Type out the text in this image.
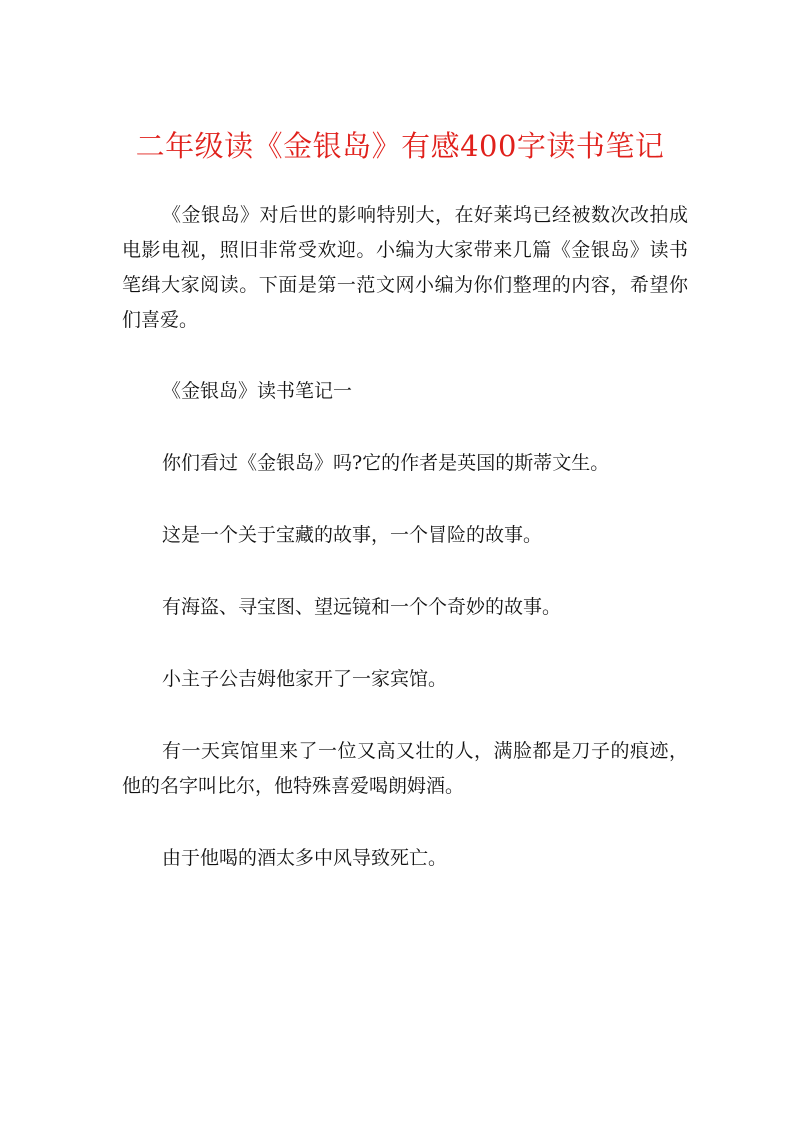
二年级读《金银岛》有感400字读书笔记

《金银岛》对后世的影响特别大，在好莱坞已经被数次改拍成电影电视，照旧非常受欢迎。小编为大家带来几篇《金银岛》读书笔缉大家阅读。下面是第一范文网小编为你们整理的内容，希望你们喜爱。

《金银岛》读书笔记一

你们看过《金银岛》吗?它的作者是英国的斯蒂文生。

这是一个关于宝藏的故事，一个冒险的故事。

有海盗、寻宝图、望远镜和一个个奇妙的故事。

小主子公吉姆他家开了一家宾馆。

有一天宾馆里来了一位又高又壮的人，满脸都是刀子的痕迹，他的名字叫比尔，他特殊喜爱喝朗姆酒。

由于他喝的酒太多中风导致死亡。
